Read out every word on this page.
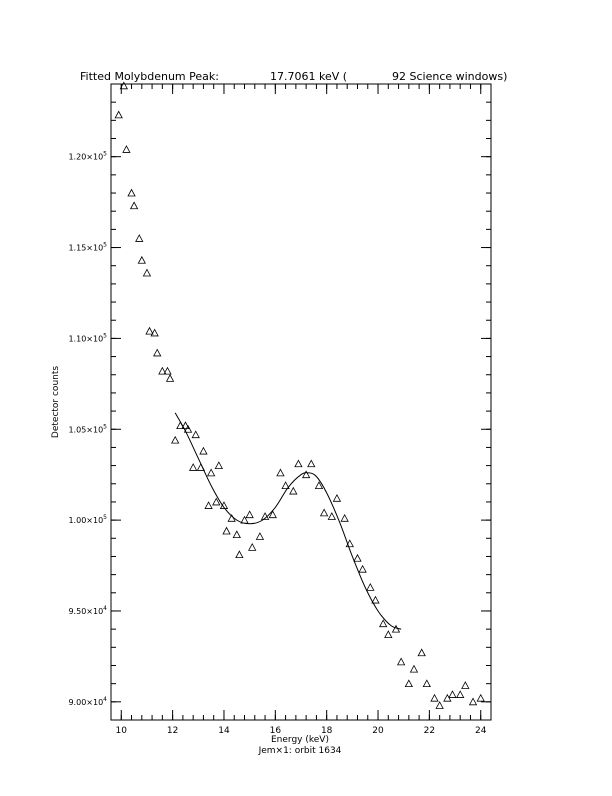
Fitted Molybdenum Peak:	17.7061 keV (	92 Science windows)
10	12	14	16	18	20	22	24
$9.00\times 10^4$
$9.50\times 10^4$
$1.00\times 10^5$
$1.05\times 10^5$
$1.10\times 10^5$
$1.15\times 10^5$
$1.20\times 10^5$
Energy (keV)
Jem×1: orbit 1634
Detector counts
